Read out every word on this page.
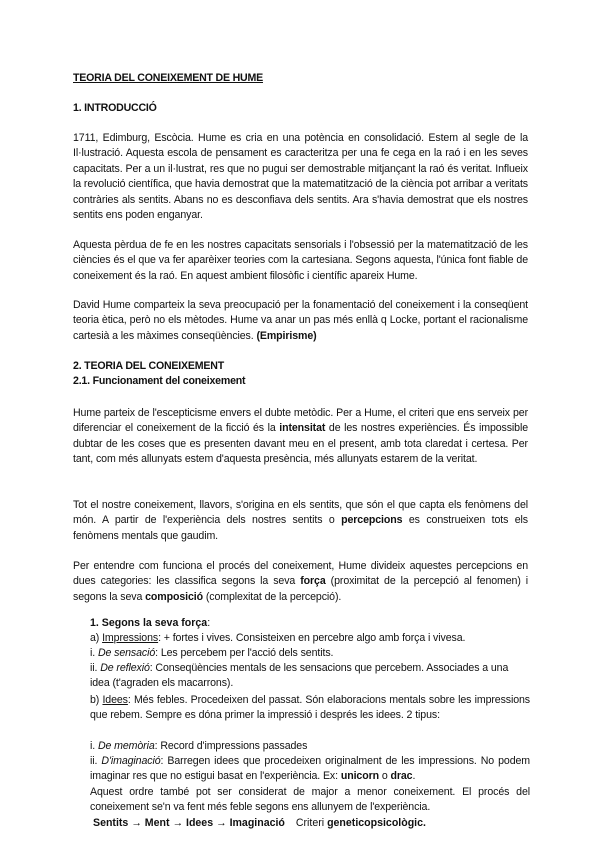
TEORIA DEL CONEIXEMENT DE HUME
1. INTRODUCCIÓ
1711, Edimburg, Escòcia. Hume es cria en una potència en consolidació. Estem al segle de la Il·lustració. Aquesta escola de pensament es caracteritza per una fe cega en la raó i en les seves capacitats. Per a un il·lustrat, res que no pugui ser demostrable mitjançant la raó és veritat. Influeix la revolució científica, que havia demostrat que la matematització de la ciència pot arribar a veritats contràries als sentits. Abans no es desconfiava dels sentits. Ara s'havia demostrat que els nostres sentits ens poden enganyar.
Aquesta pèrdua de fe en les nostres capacitats sensorials i l'obsessió per la matematització de les ciències és el que va fer aparèixer teories com la cartesiana. Segons aquesta, l'única font fiable de coneixement és la raó. En aquest ambient filosòfic i científic apareix Hume.
David Hume comparteix la seva preocupació per la fonamentació del coneixement i la conseqüent teoria ètica, però no els mètodes. Hume va anar un pas més enllà q Locke, portant el racionalisme cartesià a les màximes conseqüències. (Empirisme)
2. TEORIA DEL CONEIXEMENT
2.1. Funcionament del coneixement
Hume parteix de l'escepticisme envers el dubte metòdic. Per a Hume, el criteri que ens serveix per diferenciar el coneixement de la ficció és la intensitat de les nostres experiències. És impossible dubtar de les coses que es presenten davant meu en el present, amb tota claredat i certesa. Per tant, com més allunyats estem d'aquesta presència, més allunyats estarem de la veritat.
Tot el nostre coneixement, llavors, s'origina en els sentits, que són el que capta els fenòmens del món. A partir de l'experiència dels nostres sentits o percepcions es construeixen tots els fenòmens mentals que gaudim.
Per entendre com funciona el procés del coneixement, Hume divideix aquestes percepcions en dues categories: les classifica segons la seva força (proximitat de la percepció al fenomen) i segons la seva composició (complexitat de la percepció).
1. Segons la seva força:
a) Impressions: + fortes i vives. Consisteixen en percebre algo amb força i vivesa.
i. De sensació: Les percebem per l'acció dels sentits.
ii. De reflexió: Conseqüències mentals de les sensacions que percebem. Associades a una idea (t'agraden els macarrons).
b) Idees: Més febles. Procedeixen del passat. Són elaboracions mentals sobre les impressions que rebem. Sempre es dóna primer la impressió i després les idees. 2 tipus:
i. De memòria: Record d'impressions passades
ii. D'imaginació: Barregen idees que procedeixen originalment de les impressions. No podem imaginar res que no estigui basat en l'experiència. Ex: unicorn o drac.
Aquest ordre també pot ser considerat de major a menor coneixement. El procés del coneixement se'n va fent més feble segons ens allunyem de l'experiència.
Sentits → Ment → Idees → Imaginació Criteri geneticopsicològic.
